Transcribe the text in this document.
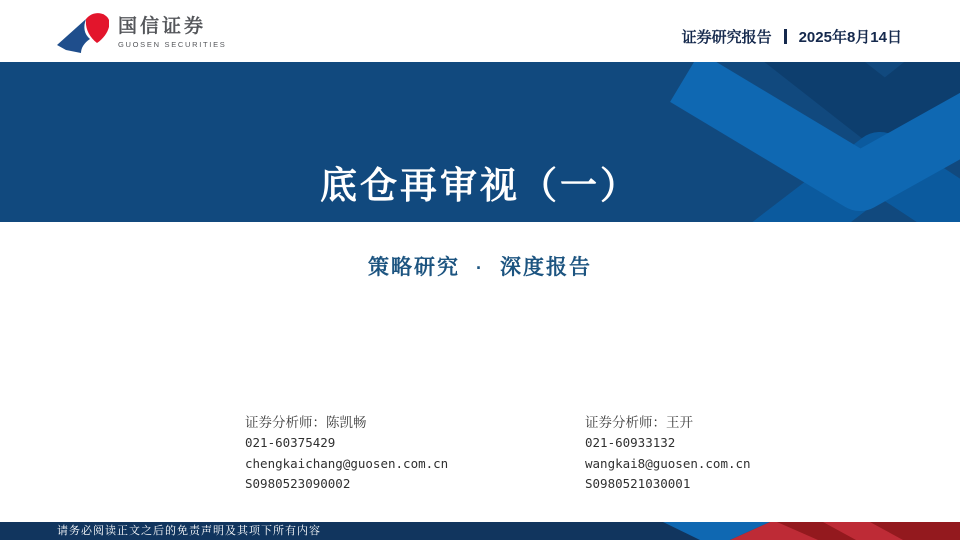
国信证券
GUOSEN SECURITIES	证券研究报告 2025年8月14日
底仓再审视（一）
策略研究 · 深度报告
证券分析师：陈凯畅
021-60375429
chengkaichang@guosen.com.cn
S0980523090002
证券分析师：王开
021-60933132
wangkai8@guosen.com.cn
S0980521030001
请务必阅读正文之后的免责声明及其项下所有内容
